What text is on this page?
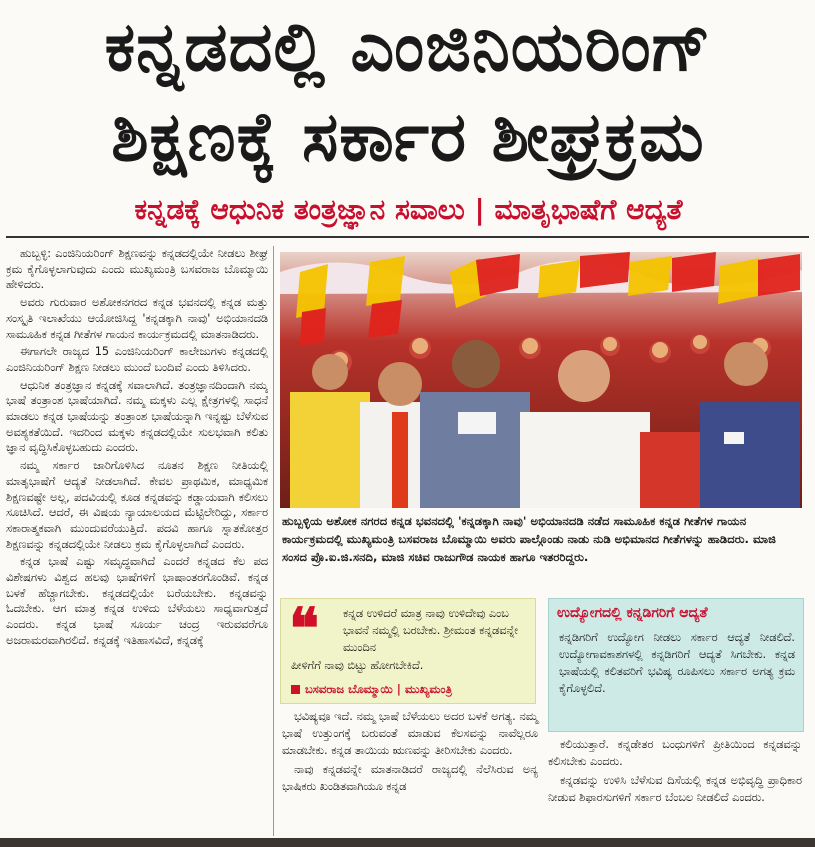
ಕನ್ನಡದಲ್ಲಿ ಎಂಜಿನಿಯರಿಂಗ್
ಶಿಕ್ಷಣಕ್ಕೆ ಸರ್ಕಾರ ಶೀಘ್ರಕ್ರಮ
ಕನ್ನಡಕ್ಕೆ ಆಧುನಿಕ ತಂತ್ರಜ್ಞಾನ ಸವಾಲು | ಮಾತೃಭಾಷೆಗೆ ಆದ್ಯತೆ

ಹುಬ್ಬಳ್ಳಿ: ಎಂಜಿನಿಯರಿಂಗ್ ಶಿಕ್ಷಣವನ್ನು ಕನ್ನಡದಲ್ಲಿಯೇ ನೀಡಲು ಶೀಘ್ರ ಕ್ರಮ ಕೈಗೊಳ್ಳಲಾಗುವುದು ಎಂದು ಮುಖ್ಯಮಂತ್ರಿ ಬಸವರಾಜ ಬೊಮ್ಮಾಯಿ ಹೇಳಿದರು.

ಅವರು ಗುರುವಾರ ಅಶೋಕನಗರದ ಕನ್ನಡ ಭವನದಲ್ಲಿ ಕನ್ನಡ ಮತ್ತು ಸಂಸ್ಕೃತಿ ಇಲಾಖೆಯು ಆಯೋಜಿಸಿದ್ದ 'ಕನ್ನಡಕ್ಕಾಗಿ ನಾವು' ಅಭಿಯಾನದಡಿ ಸಾಮೂಹಿಕ ಕನ್ನಡ ಗೀತೆಗಳ ಗಾಯನ ಕಾರ್ಯಕ್ರಮದಲ್ಲಿ ಮಾತನಾಡಿದರು.

ಈಗಾಗಲೇ ರಾಜ್ಯದ 15 ಎಂಜಿನಿಯರಿಂಗ್ ಕಾಲೇಜುಗಳು ಕನ್ನಡದಲ್ಲಿ ಎಂಜಿನಿಯರಿಂಗ್ ಶಿಕ್ಷಣ ನೀಡಲು ಮುಂದೆ ಬಂದಿವೆ ಎಂದು ತಿಳಿಸಿದರು.

ಆಧುನಿಕ ತಂತ್ರಜ್ಞಾನ ಕನ್ನಡಕ್ಕೆ ಸವಾಲಾಗಿದೆ. ತಂತ್ರಜ್ಞಾನದಿಂದಾಗಿ ನಮ್ಮ ಭಾಷೆ ತಂತ್ರಾಂಶ ಭಾಷೆಯಾಗಿದೆ. ನಮ್ಮ ಮಕ್ಕಳು ಎಲ್ಲ ಕ್ಷೇತ್ರಗಳಲ್ಲಿ ಸಾಧನೆ ಮಾಡಲು ಕನ್ನಡ ಭಾಷೆಯನ್ನು ತಂತ್ರಾಂಶ ಭಾಷೆಯನ್ನಾಗಿ ಇನ್ನಷ್ಟು ಬೆಳೆಸುವ ಅವಶ್ಯಕತೆಯಿದೆ. ಇದರಿಂದ ಮಕ್ಕಳು ಕನ್ನಡದಲ್ಲಿಯೇ ಸುಲಭವಾಗಿ ಕಲಿತು ಜ್ಞಾನ ವೃದ್ಧಿಸಿಕೊಳ್ಳಬಹುದು ಎಂದರು.

ನಮ್ಮ ಸರ್ಕಾರ ಜಾರಿಗೊಳಿಸಿದ ನೂತನ ಶಿಕ್ಷಣ ನೀತಿಯಲ್ಲಿ ಮಾತೃಭಾಷೆಗೆ ಆದ್ಯತೆ ನೀಡಲಾಗಿದೆ. ಕೇವಲ ಪ್ರಾಥಮಿಕ, ಮಾಧ್ಯಮಿಕ ಶಿಕ್ಷಣವಷ್ಟೇ ಅಲ್ಲ, ಪದವಿಯಲ್ಲಿ ಕೂಡ ಕನ್ನಡವನ್ನು ಕಡ್ಡಾಯವಾಗಿ ಕಲಿಸಲು ಸೂಚಿಸಿದೆ. ಆದರೆ, ಈ ವಿಷಯ ನ್ಯಾಯಾಲಯದ ಮೆಟ್ಟಿಲೇರಿದ್ದು, ಸರ್ಕಾರ ಸಕಾರಾತ್ಮಕವಾಗಿ ಮುಂದುವರೆಯುತ್ತಿದೆ. ಪದವಿ ಹಾಗೂ ಸ್ನಾತಕೋತ್ತರ ಶಿಕ್ಷಣವನ್ನು ಕನ್ನಡದಲ್ಲಿಯೇ ನೀಡಲು ಕ್ರಮ ಕೈಗೊಳ್ಳಲಾಗಿದೆ ಎಂದರು.

ಕನ್ನಡ ಭಾಷೆ ಎಷ್ಟು ಸಮೃದ್ಧವಾಗಿದೆ ಎಂದರೆ ಕನ್ನಡದ ಕೆಲ ಪದ ವಿಶೇಷಗಳು ವಿಶ್ವದ ಹಲವು ಭಾಷೆಗಳಿಗೆ ಭಾಷಾಂತರಗೊಂಡಿವೆ. ಕನ್ನಡ ಬಳಕೆ ಹೆಚ್ಚಾಗಬೇಕು. ಕನ್ನಡದಲ್ಲಿಯೇ ಬರೆಯಬೇಕು. ಕನ್ನಡವನ್ನು ಓದಬೇಕು. ಆಗ ಮಾತ್ರ ಕನ್ನಡ ಉಳಿದು ಬೆಳೆಯಲು ಸಾಧ್ಯವಾಗುತ್ತದೆ ಎಂದರು. ಕನ್ನಡ ಭಾಷೆ ಸೂರ್ಯ ಚಂದ್ರ ಇರುವವರೆಗೂ ಅಜರಾಮರವಾಗಿರಲಿದೆ. ಕನ್ನಡಕ್ಕೆ ಇತಿಹಾಸವಿದೆ, ಕನ್ನಡಕ್ಕೆ

ಹುಬ್ಬಳ್ಳಿಯ ಅಶೋಕ ನಗರದ ಕನ್ನಡ ಭವನದಲ್ಲಿ 'ಕನ್ನಡಕ್ಕಾಗಿ ನಾವು' ಅಭಿಯಾನದಡಿ ನಡೆದ ಸಾಮೂಹಿಕ ಕನ್ನಡ ಗೀತೆಗಳ ಗಾಯನ ಕಾರ್ಯಕ್ರಮದಲ್ಲಿ ಮುಖ್ಯಮಂತ್ರಿ ಬಸವರಾಜ ಬೊಮ್ಮಾಯಿ ಅವರು ಪಾಲ್ಗೊಂಡು ನಾಡು ನುಡಿ ಅಭಿಮಾನದ ಗೀತೆಗಳನ್ನು ಹಾಡಿದರು. ಮಾಜಿ ಸಂಸದ ಪ್ರೊ.ಐ.ಜಿ.ಸನದಿ, ಮಾಜಿ ಸಚಿವ ರಾಜುಗೌಡ ನಾಯಕ ಹಾಗೂ ಇತರರಿದ್ದರು.
❝ ಕನ್ನಡ ಉಳಿದರೆ ಮಾತ್ರ ನಾವು ಉಳಿದೇವು ಎಂಬ ಭಾವನೆ ನಮ್ಮಲ್ಲಿ ಬರಬೇಕು. ಶ್ರೀಮಂತ ಕನ್ನಡವನ್ನೇ ಮುಂದಿನ
ಪೀಳಿಗೆಗೆ ನಾವು ಬಿಟ್ಟು ಹೋಗಬೇಕಿದೆ.
ಬಸವರಾಜ ಬೊಮ್ಮಾಯಿ | ಮುಖ್ಯಮಂತ್ರಿ
ಉದ್ಯೋಗದಲ್ಲಿ ಕನ್ನಡಿಗರಿಗೆ ಆದ್ಯತೆ
ಕನ್ನಡಿಗರಿಗೆ ಉದ್ಯೋಗ ನೀಡಲು ಸರ್ಕಾರ ಆದ್ಯತೆ ನೀಡಲಿದೆ. ಉದ್ಯೋಗಾವಕಾಶಗಳಲ್ಲಿ ಕನ್ನಡಿಗರಿಗೆ ಆದ್ಯತೆ ಸಿಗಬೇಕು. ಕನ್ನಡ ಭಾಷೆಯಲ್ಲಿ ಕಲಿತವರಿಗೆ ಭವಿಷ್ಯ ರೂಪಿಸಲು ಸರ್ಕಾರ ಅಗತ್ಯ ಕ್ರಮ ಕೈಗೊಳ್ಳಲಿದೆ.

ಭವಿಷ್ಯವೂ ಇದೆ. ನಮ್ಮ ಭಾಷೆ ಬೆಳೆಯಲು ಅದರ ಬಳಕೆ ಅಗತ್ಯ. ನಮ್ಮ ಭಾಷೆ ಉತ್ತುಂಗಕ್ಕೆ ಬರುವಂತೆ ಮಾಡುವ ಕೆಲಸವನ್ನು ನಾವೆಲ್ಲರೂ ಮಾಡಬೇಕು. ಕನ್ನಡ ತಾಯಿಯ ಋಣವನ್ನು ತೀರಿಸಬೇಕು ಎಂದರು.

ನಾವು ಕನ್ನಡವನ್ನೇ ಮಾತನಾಡಿದರೆ ರಾಜ್ಯದಲ್ಲಿ ನೆಲೆಸಿರುವ ಅನ್ಯ ಭಾಷಿಕರು ಖಂಡಿತವಾಗಿಯೂ ಕನ್ನಡ

ಕಲಿಯುತ್ತಾರೆ. ಕನ್ನಡೇತರ ಬಂಧುಗಳಿಗೆ ಪ್ರೀತಿಯಿಂದ ಕನ್ನಡವನ್ನು ಕಲಿಸಬೇಕು ಎಂದರು.

ಕನ್ನಡವನ್ನು ಉಳಿಸಿ ಬೆಳೆಸುವ ದಿಸೆಯಲ್ಲಿ ಕನ್ನಡ ಅಭಿವೃದ್ಧಿ ಪ್ರಾಧಿಕಾರ ನೀಡುವ ಶಿಫಾರಸುಗಳಿಗೆ ಸರ್ಕಾರ ಬೆಂಬಲ ನೀಡಲಿದೆ ಎಂದರು.
